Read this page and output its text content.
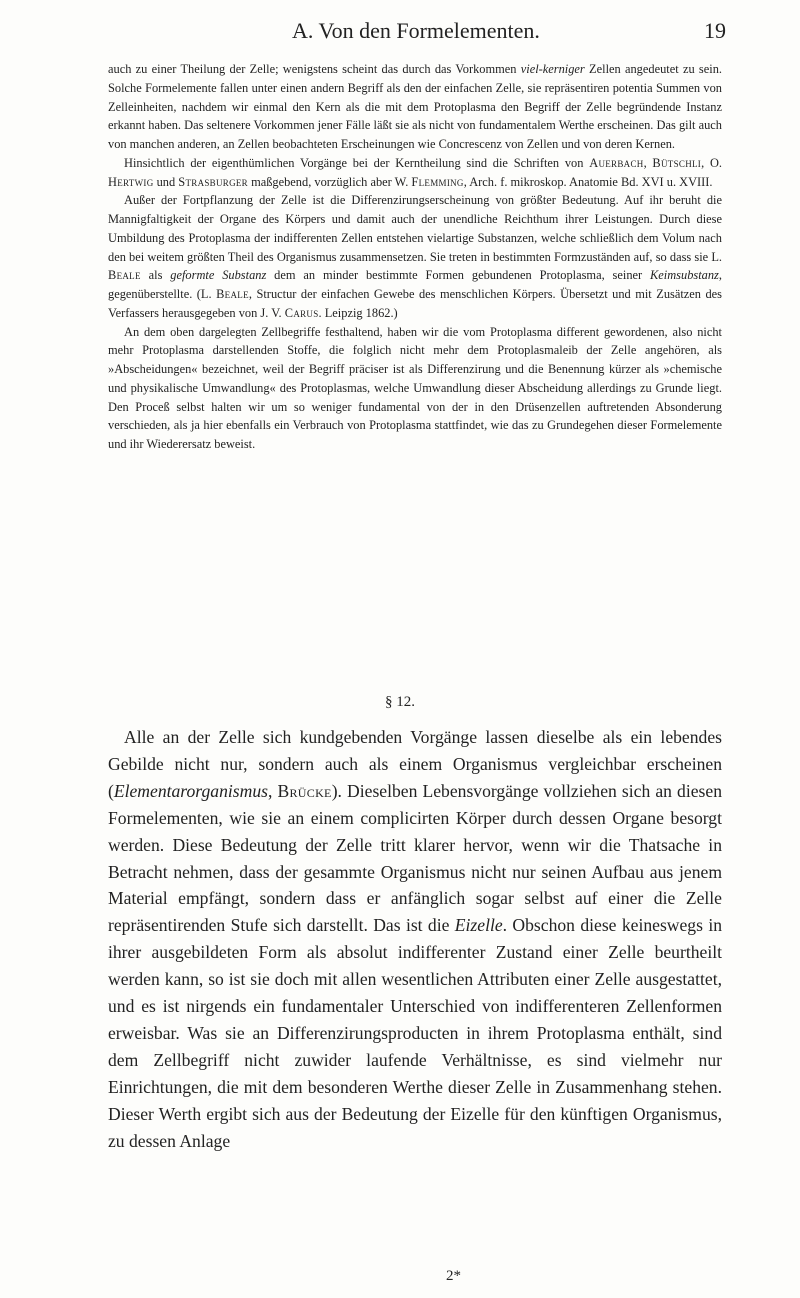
A. Von den Formelementen.	19

auch zu einer Theilung der Zelle; wenigstens scheint das durch das Vorkommen viel-kerniger Zellen angedeutet zu sein. Solche Formelemente fallen unter einen andern Begriff als den der einfachen Zelle, sie repräsentiren potentia Summen von Zelleinheiten, nachdem wir einmal den Kern als die mit dem Protoplasma den Begriff der Zelle begründende Instanz erkannt haben. Das seltenere Vorkommen jener Fälle läßt sie als nicht von fundamentalem Werthe erscheinen. Das gilt auch von manchen anderen, an Zellen beobachteten Erscheinungen wie Concrescenz von Zellen und von deren Kernen.

Hinsichtlich der eigenthümlichen Vorgänge bei der Kerntheilung sind die Schriften von Auerbach, Bütschli, O. Hertwig und Strasburger maßgebend, vorzüglich aber W. Flemming, Arch. f. mikroskop. Anatomie Bd. XVI u. XVIII.

Außer der Fortpflanzung der Zelle ist die Differenzirungserscheinung von größter Bedeutung. Auf ihr beruht die Mannigfaltigkeit der Organe des Körpers und damit auch der unendliche Reichthum ihrer Leistungen. Durch diese Umbildung des Protoplasma der indifferenten Zellen entstehen vielartige Substanzen, welche schließlich dem Volum nach den bei weitem größten Theil des Organismus zusammensetzen. Sie treten in bestimmten Formzuständen auf, so dass sie L. Beale als geformte Substanz dem an minder bestimmte Formen gebundenen Protoplasma, seiner Keimsubstanz, gegenüberstellte. (L. Beale, Structur der einfachen Gewebe des menschlichen Körpers. Übersetzt und mit Zusätzen des Verfassers herausgegeben von J. V. Carus. Leipzig 1862.)

An dem oben dargelegten Zellbegriffe festhaltend, haben wir die vom Protoplasma different gewordenen, also nicht mehr Protoplasma darstellenden Stoffe, die folglich nicht mehr dem Protoplasmaleib der Zelle angehören, als »Abscheidungen« bezeichnet, weil der Begriff präciser ist als Differenzirung und die Benennung kürzer als »chemische und physikalische Umwandlung« des Protoplasmas, welche Umwandlung dieser Abscheidung allerdings zu Grunde liegt. Den Proceß selbst halten wir um so weniger fundamental von der in den Drüsenzellen auftretenden Absonderung verschieden, als ja hier ebenfalls ein Verbrauch von Protoplasma stattfindet, wie das zu Grundegehen dieser Formelemente und ihr Wiederersatz beweist.

§ 12.

Alle an der Zelle sich kundgebenden Vorgänge lassen dieselbe als ein lebendes Gebilde nicht nur, sondern auch als einem Organismus vergleichbar erscheinen (Elementarorganismus, Brücke). Dieselben Lebensvorgänge vollziehen sich an diesen Formelementen, wie sie an einem complicirten Körper durch dessen Organe besorgt werden. Diese Bedeutung der Zelle tritt klarer hervor, wenn wir die Thatsache in Betracht nehmen, dass der gesammte Organismus nicht nur seinen Aufbau aus jenem Material empfängt, sondern dass er anfänglich sogar selbst auf einer die Zelle repräsentirenden Stufe sich darstellt. Das ist die Eizelle. Obschon diese keineswegs in ihrer ausgebildeten Form als absolut indifferenter Zustand einer Zelle beurtheilt werden kann, so ist sie doch mit allen wesentlichen Attributen einer Zelle ausgestattet, und es ist nirgends ein fundamentaler Unterschied von indifferenteren Zellenformen erweisbar. Was sie an Differenzirungsproducten in ihrem Protoplasma enthält, sind dem Zellbegriff nicht zuwider laufende Verhältnisse, es sind vielmehr nur Einrichtungen, die mit dem besonderen Werthe dieser Zelle in Zusammenhang stehen. Dieser Werth ergibt sich aus der Bedeutung der Eizelle für den künftigen Organismus, zu dessen Anlage

2*
